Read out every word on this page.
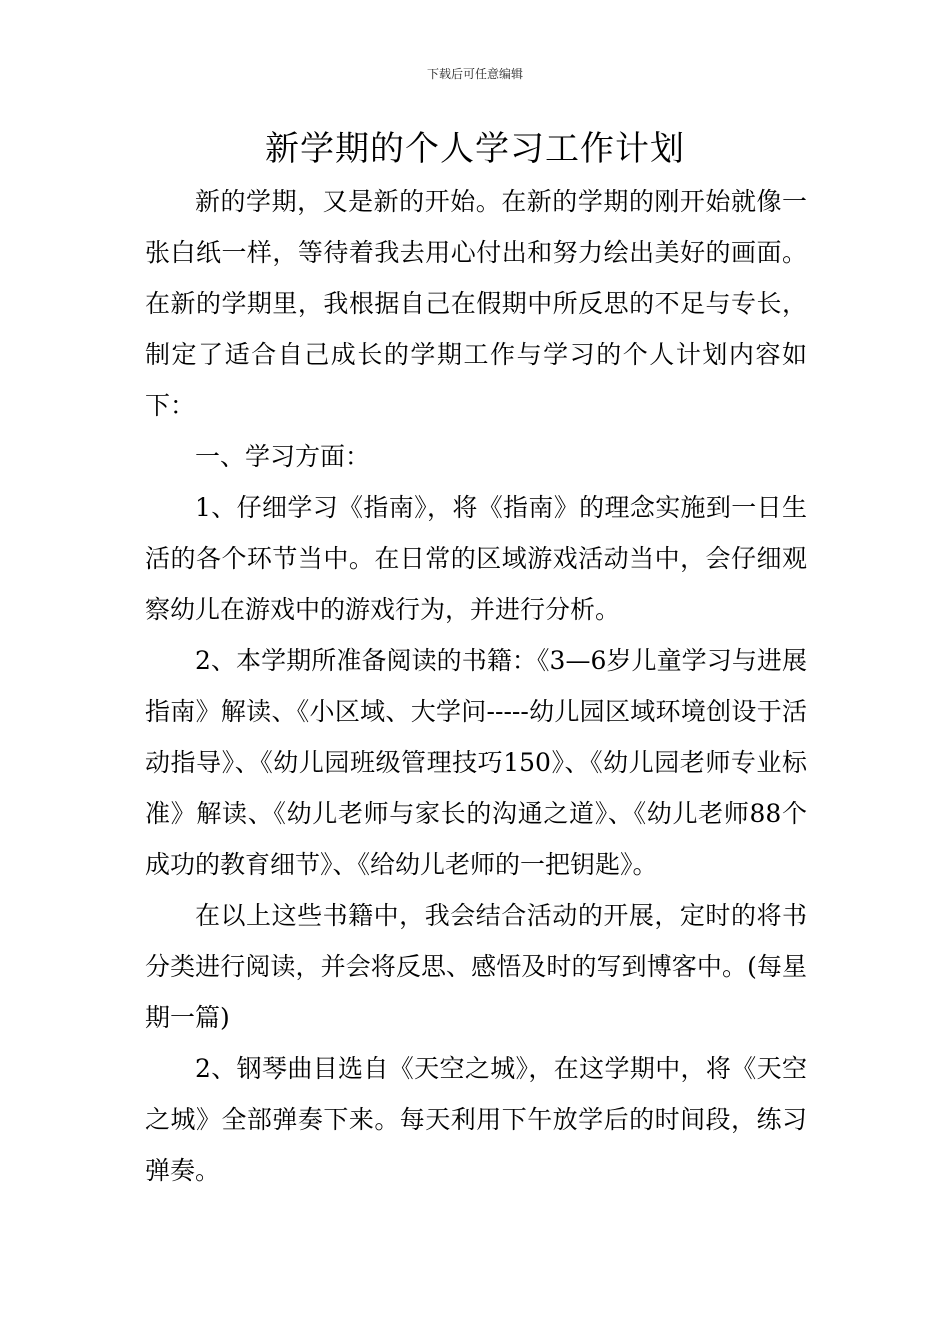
下载后可任意编辑
新学期的个人学习工作计划

新的学期，又是新的开始。在新的学期的刚开始就像一张白纸一样，等待着我去用心付出和努力绘出美好的画面。在新的学期里，我根据自己在假期中所反思的不足与专长，制定了适合自己成长的学期工作与学习的个人计划内容如下：

一、学习方面：

1、仔细学习《指南》，将《指南》的理念实施到一日生活的各个环节当中。在日常的区域游戏活动当中，会仔细观察幼儿在游戏中的游戏行为，并进行分析。

2、本学期所准备阅读的书籍：《3—6岁儿童学习与进展指南》解读、《小区域、大学问-----幼儿园区域环境创设于活动指导》、《幼儿园班级管理技巧150》、《幼儿园老师专业标准》解读、《幼儿老师与家长的沟通之道》、《幼儿老师88个成功的教育细节》、《给幼儿老师的一把钥匙》。

在以上这些书籍中，我会结合活动的开展，定时的将书分类进行阅读，并会将反思、感悟及时的写到博客中。(每星期一篇)

2、钢琴曲目选自《天空之城》，在这学期中，将《天空之城》全部弹奏下来。每天利用下午放学后的时间段，练习弹奏。
